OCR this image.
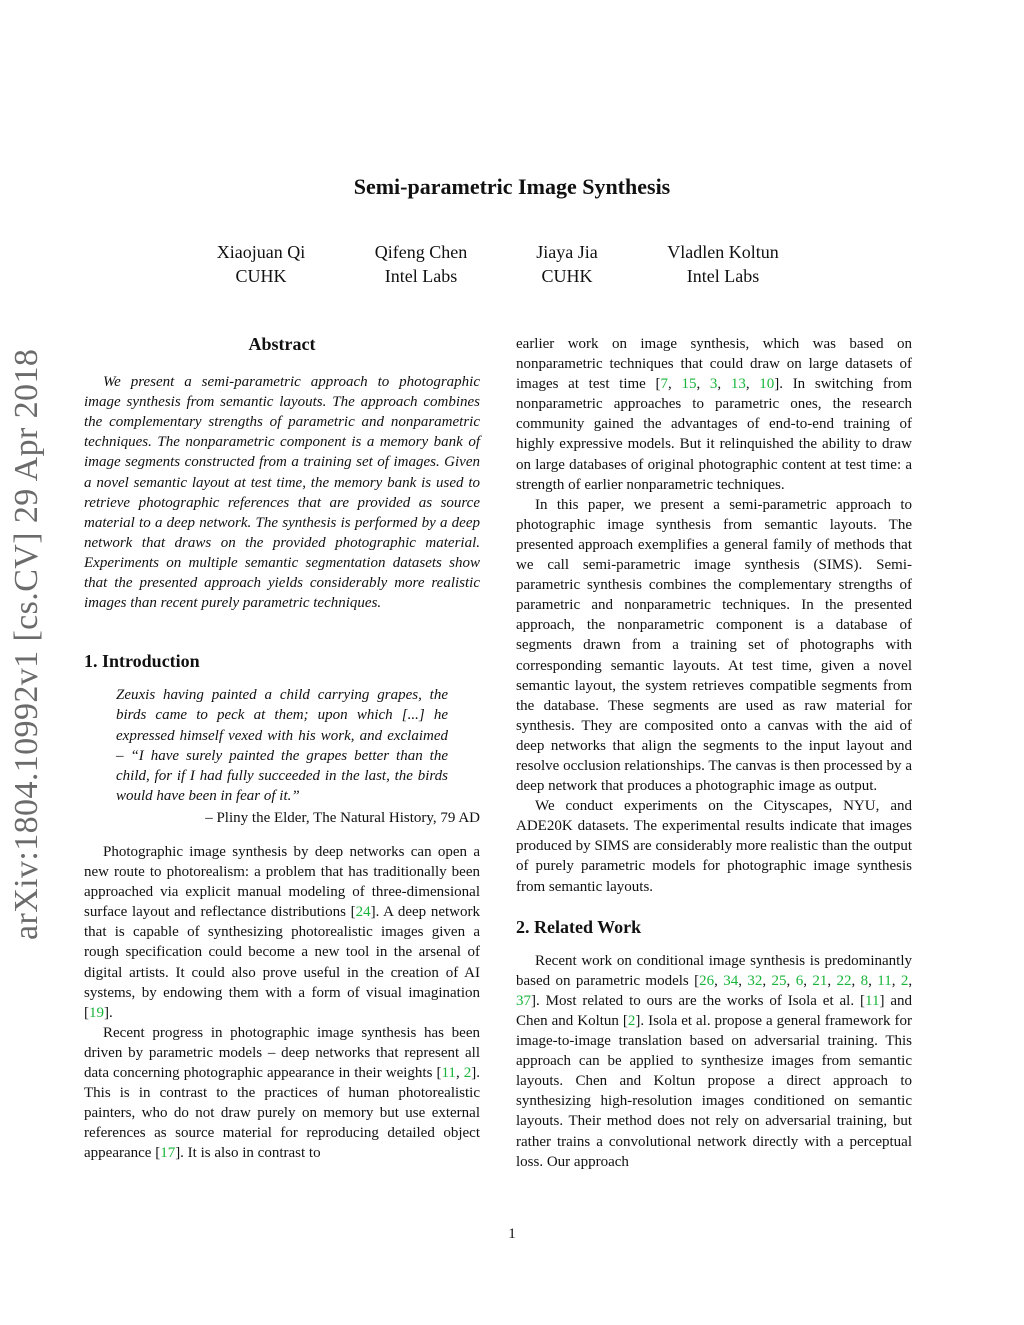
arXiv:1804.10992v1 [cs.CV] 29 Apr 2018
Semi-parametric Image Synthesis
Xiaojuan Qi
CUHK
Qifeng Chen
Intel Labs
Jiaya Jia
CUHK
Vladlen Koltun
Intel Labs
Abstract

We present a semi-parametric approach to photographic image synthesis from semantic layouts. The approach combines the complementary strengths of parametric and nonparametric techniques. The nonparametric component is a memory bank of image segments constructed from a training set of images. Given a novel semantic layout at test time, the memory bank is used to retrieve photographic references that are provided as source material to a deep network. The synthesis is performed by a deep network that draws on the provided photographic material. Experiments on multiple semantic segmentation datasets show that the presented approach yields considerably more realistic images than recent purely parametric techniques.

1. Introduction
Zeuxis having painted a child carrying grapes, the birds came to peck at them; upon which [...] he expressed himself vexed with his work, and exclaimed – “I have surely painted the grapes better than the child, for if I had fully succeeded in the last, the birds would have been in fear of it.”
– Pliny the Elder, The Natural History, 79 AD

Photographic image synthesis by deep networks can open a new route to photorealism: a problem that has traditionally been approached via explicit manual modeling of three-dimensional surface layout and reflectance distributions [24]. A deep network that is capable of synthesizing photorealistic images given a rough specification could become a new tool in the arsenal of digital artists. It could also prove useful in the creation of AI systems, by endowing them with a form of visual imagination [19].

Recent progress in photographic image synthesis has been driven by parametric models – deep networks that represent all data concerning photographic appearance in their weights [11, 2]. This is in contrast to the practices of human photorealistic painters, who do not draw purely on memory but use external references as source material for reproducing detailed object appearance [17]. It is also in contrast to

earlier work on image synthesis, which was based on nonparametric techniques that could draw on large datasets of images at test time [7, 15, 3, 13, 10]. In switching from nonparametric approaches to parametric ones, the research community gained the advantages of end-to-end training of highly expressive models. But it relinquished the ability to draw on large databases of original photographic content at test time: a strength of earlier nonparametric techniques.

In this paper, we present a semi-parametric approach to photographic image synthesis from semantic layouts. The presented approach exemplifies a general family of methods that we call semi-parametric image synthesis (SIMS). Semi-parametric synthesis combines the complementary strengths of parametric and nonparametric techniques. In the presented approach, the nonparametric component is a database of segments drawn from a training set of photographs with corresponding semantic layouts. At test time, given a novel semantic layout, the system retrieves compatible segments from the database. These segments are used as raw material for synthesis. They are composited onto a canvas with the aid of deep networks that align the segments to the input layout and resolve occlusion relationships. The canvas is then processed by a deep network that produces a photographic image as output.

We conduct experiments on the Cityscapes, NYU, and ADE20K datasets. The experimental results indicate that images produced by SIMS are considerably more realistic than the output of purely parametric models for photographic image synthesis from semantic layouts.

2. Related Work

Recent work on conditional image synthesis is predominantly based on parametric models [26, 34, 32, 25, 6, 21, 22, 8, 11, 2, 37]. Most related to ours are the works of Isola et al. [11] and Chen and Koltun [2]. Isola et al. propose a general framework for image-to-image translation based on adversarial training. This approach can be applied to synthesize images from semantic layouts. Chen and Koltun propose a direct approach to synthesizing high-resolution images conditioned on semantic layouts. Their method does not rely on adversarial training, but rather trains a convolutional network directly with a perceptual loss. Our approach

1
